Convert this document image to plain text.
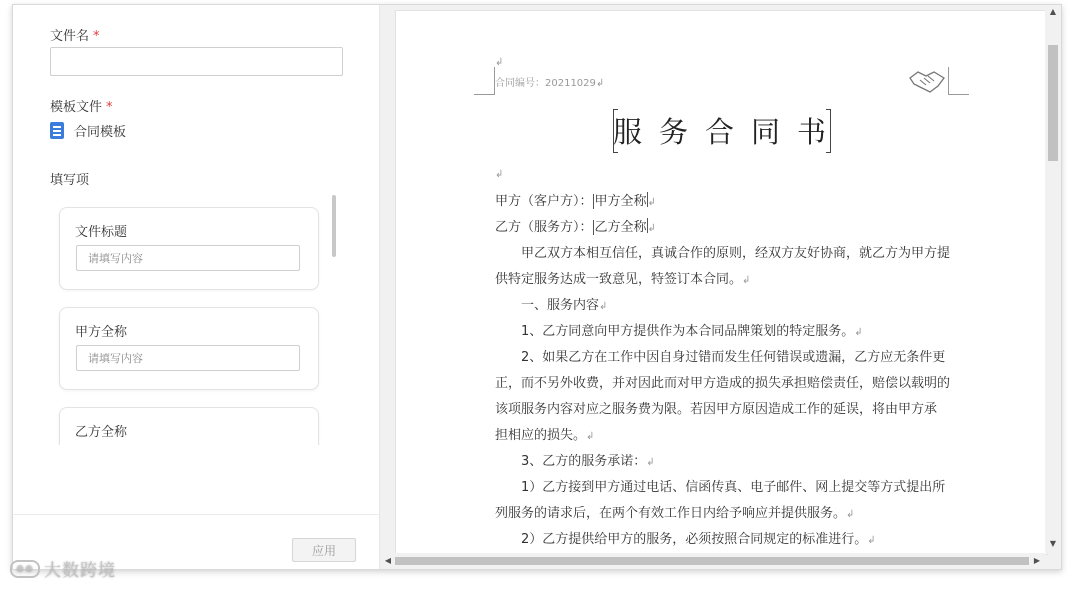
文件名 *
模板文件 *
合同模板
填写项
文件标题
请填写内容
甲方全称
请填写内容
乙方全称
应用
↲
合同编号：20211029↲
服务合同书
↲
甲方（客户方）： 甲方全称↲
乙方（服务方）： 乙方全称↲
　　甲乙双方本相互信任，真诚合作的原则，经双方友好协商，就乙方为甲方提
供特定服务达成一致意见，特签订本合同。↲
　　一、服务内容↲
　　1、乙方同意向甲方提供作为本合同品牌策划的特定服务。↲
　　2、如果乙方在工作中因自身过错而发生任何错误或遗漏，乙方应无条件更
正，而不另外收费，并对因此而对甲方造成的损失承担赔偿责任，赔偿以载明的
该项服务内容对应之服务费为限。若因甲方原因造成工作的延误，将由甲方承
担相应的损失。↲
　　3、乙方的服务承诺：↲
　　1）乙方接到甲方通过电话、信函传真、电子邮件、网上提交等方式提出所
列服务的请求后，在两个有效工作日内给予响应并提供服务。↲
　　2）乙方提供给甲方的服务，必须按照合同规定的标准进行。↲
▲
▼
◀	▶
◉◉ 大数跨境
